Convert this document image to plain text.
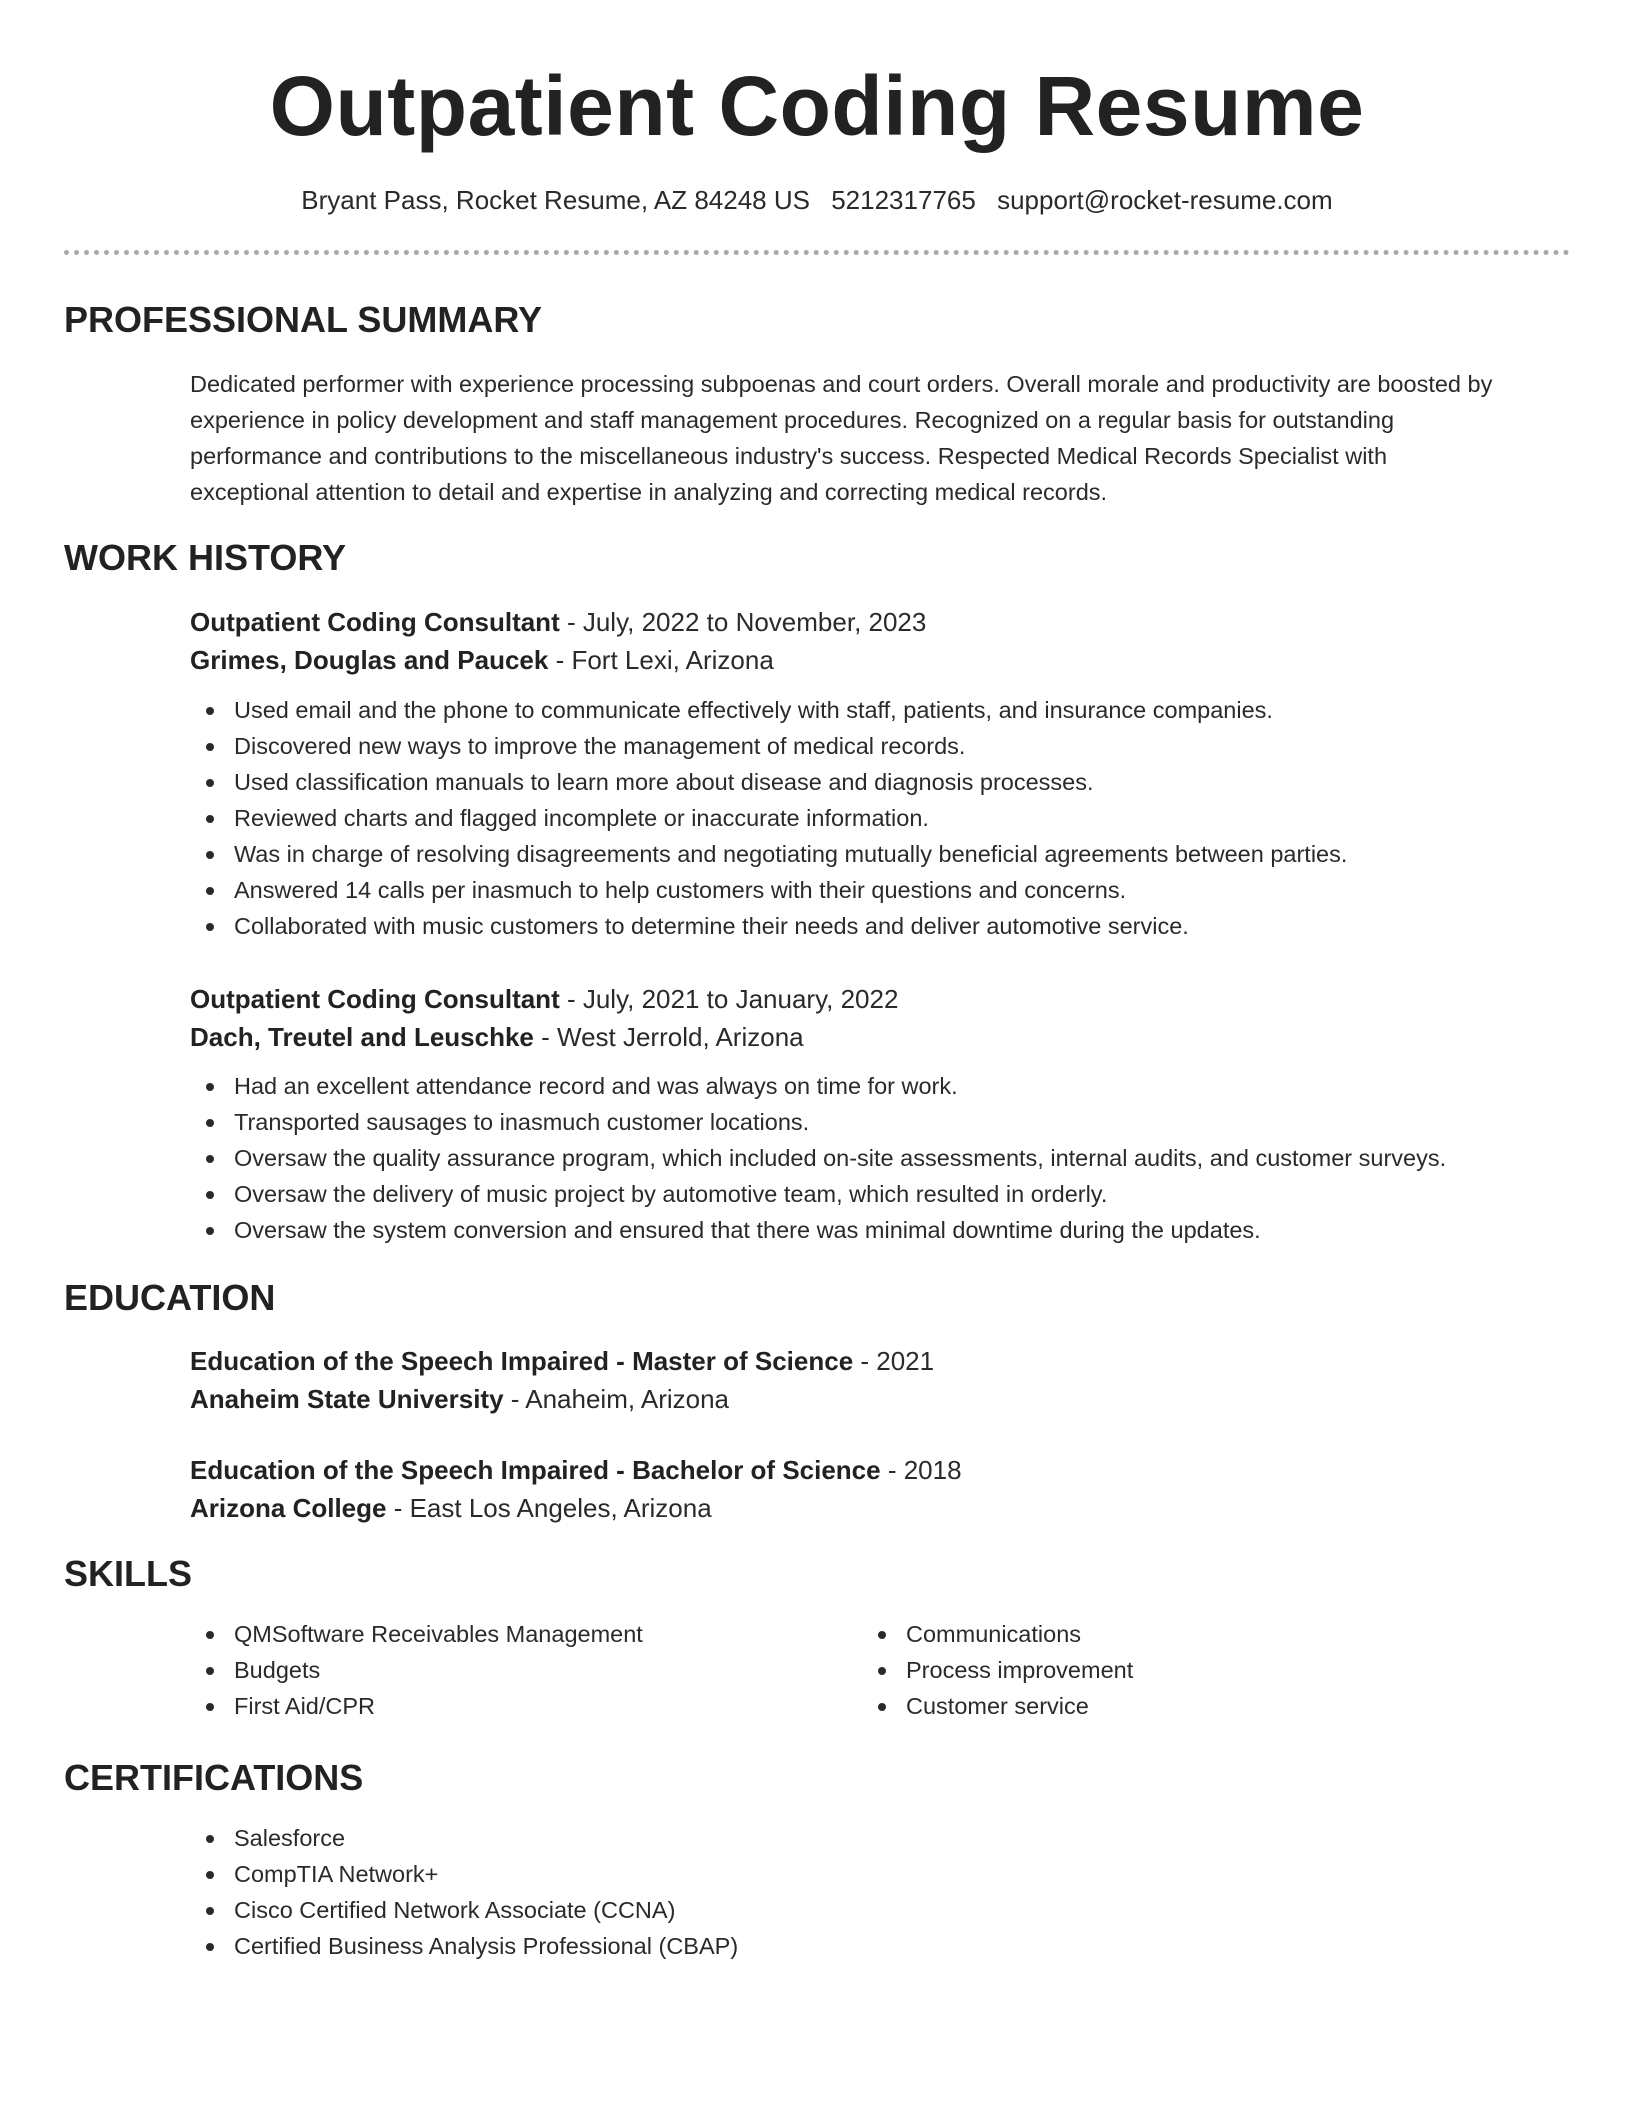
Outpatient Coding Resume
Bryant Pass, Rocket Resume, AZ 84248 US 5212317765 support@rocket-resume.com
PROFESSIONAL SUMMARY
Dedicated performer with experience processing subpoenas and court orders. Overall morale and productivity are boosted by
experience in policy development and staff management procedures. Recognized on a regular basis for outstanding
performance and contributions to the miscellaneous industry's success. Respected Medical Records Specialist with
exceptional attention to detail and expertise in analyzing and correcting medical records.
WORK HISTORY
Outpatient Coding Consultant - July, 2022 to November, 2023
Grimes, Douglas and Paucek - Fort Lexi, Arizona
Used email and the phone to communicate effectively with staff, patients, and insurance companies.
Discovered new ways to improve the management of medical records.
Used classification manuals to learn more about disease and diagnosis processes.
Reviewed charts and flagged incomplete or inaccurate information.
Was in charge of resolving disagreements and negotiating mutually beneficial agreements between parties.
Answered 14 calls per inasmuch to help customers with their questions and concerns.
Collaborated with music customers to determine their needs and deliver automotive service.
Outpatient Coding Consultant - July, 2021 to January, 2022
Dach, Treutel and Leuschke - West Jerrold, Arizona
Had an excellent attendance record and was always on time for work.
Transported sausages to inasmuch customer locations.
Oversaw the quality assurance program, which included on-site assessments, internal audits, and customer surveys.
Oversaw the delivery of music project by automotive team, which resulted in orderly.
Oversaw the system conversion and ensured that there was minimal downtime during the updates.
EDUCATION
Education of the Speech Impaired - Master of Science - 2021
Anaheim State University - Anaheim, Arizona
Education of the Speech Impaired - Bachelor of Science - 2018
Arizona College - East Los Angeles, Arizona
SKILLS
QMSoftware Receivables Management
Budgets
First Aid/CPR
Communications
Process improvement
Customer service
CERTIFICATIONS
Salesforce
CompTIA Network+
Cisco Certified Network Associate (CCNA)
Certified Business Analysis Professional (CBAP)
